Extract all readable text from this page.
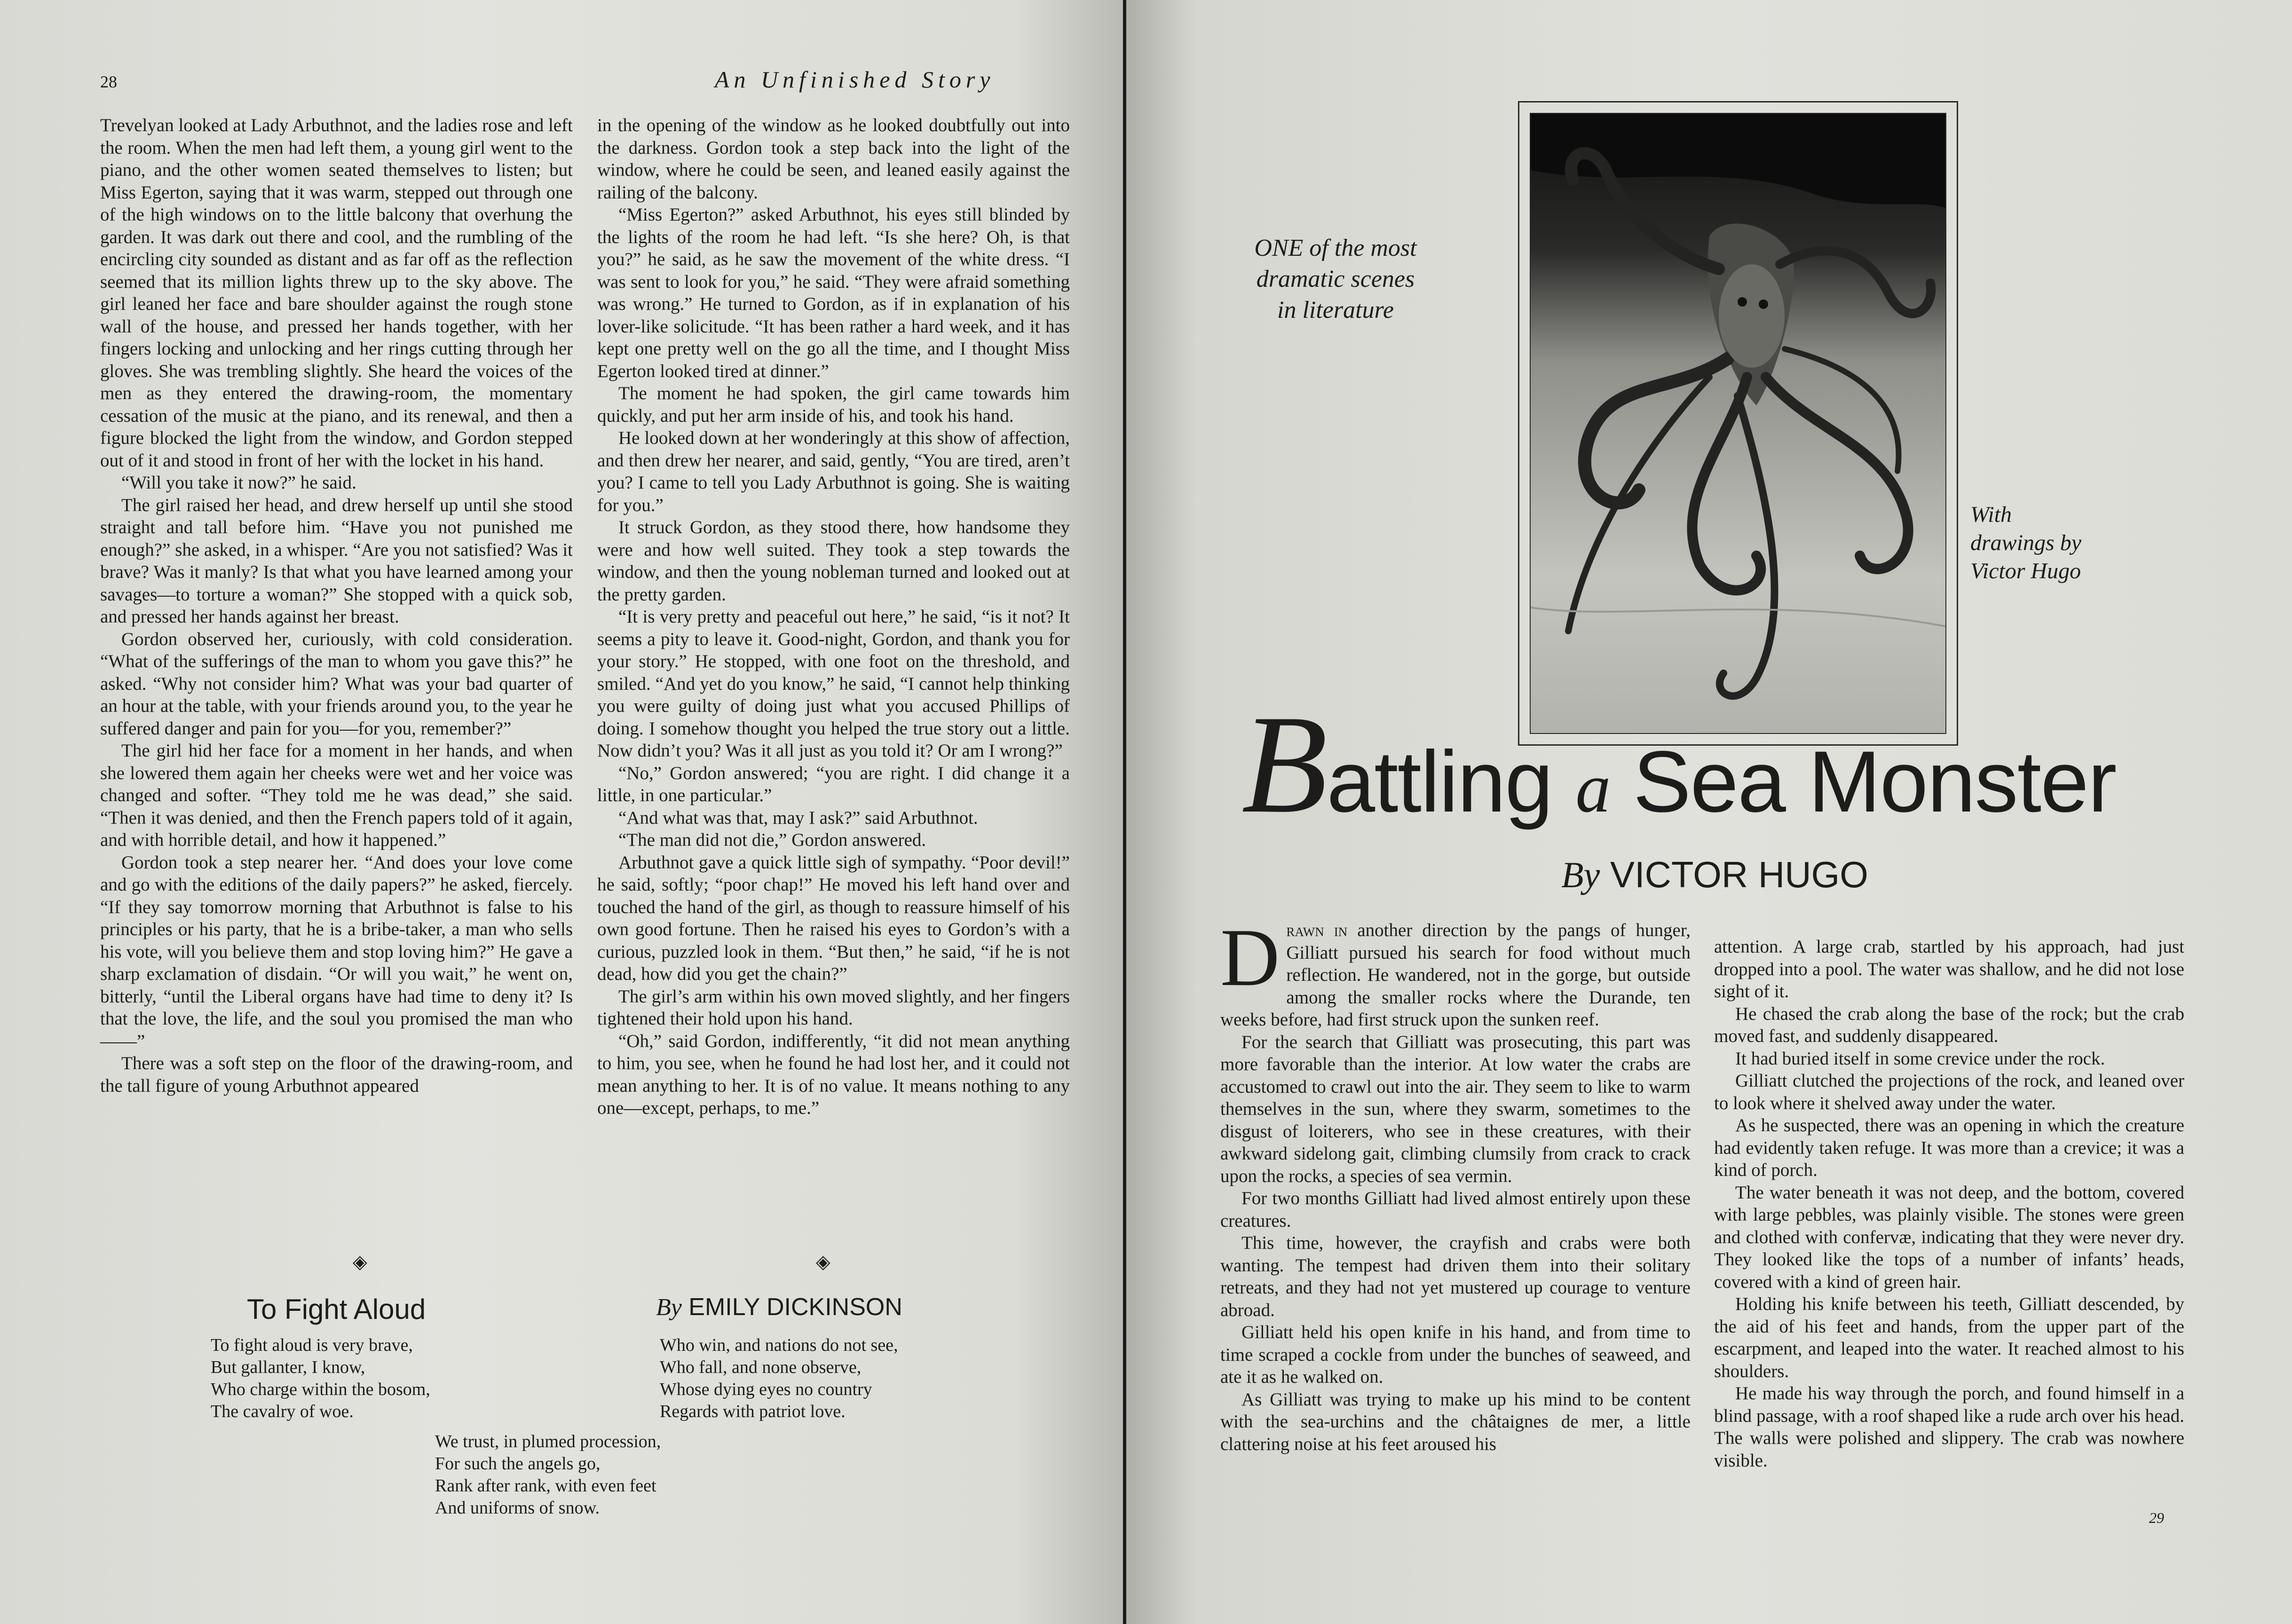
28	An Unfinished Story

Trevelyan looked at Lady Arbuthnot, and the ladies rose and left the room. When the men had left them, a young girl went to the piano, and the other women seated themselves to listen; but Miss Egerton, saying that it was warm, stepped out through one of the high windows on to the little balcony that overhung the garden. It was dark out there and cool, and the rumbling of the encircling city sounded as distant and as far off as the reflection seemed that its million lights threw up to the sky above. The girl leaned her face and bare shoulder against the rough stone wall of the house, and pressed her hands together, with her fingers locking and unlocking and her rings cutting through her gloves. She was trembling slightly. She heard the voices of the men as they entered the drawing-room, the momentary cessation of the music at the piano, and its renewal, and then a figure blocked the light from the window, and Gordon stepped out of it and stood in front of her with the locket in his hand.

“Will you take it now?” he said.

The girl raised her head, and drew herself up until she stood straight and tall before him. “Have you not punished me enough?” she asked, in a whisper. “Are you not satisfied? Was it brave? Was it manly? Is that what you have learned among your savages—to torture a woman?” She stopped with a quick sob, and pressed her hands against her breast.

Gordon observed her, curiously, with cold consideration. “What of the sufferings of the man to whom you gave this?” he asked. “Why not consider him? What was your bad quarter of an hour at the table, with your friends around you, to the year he suffered danger and pain for you—for you, remember?”

The girl hid her face for a moment in her hands, and when she lowered them again her cheeks were wet and her voice was changed and softer. “They told me he was dead,” she said. “Then it was denied, and then the French papers told of it again, and with horrible detail, and how it happened.”

Gordon took a step nearer her. “And does your love come and go with the editions of the daily papers?” he asked, fiercely. “If they say tomorrow morning that Arbuthnot is false to his principles or his party, that he is a bribe-taker, a man who sells his vote, will you believe them and stop loving him?” He gave a sharp exclamation of disdain. “Or will you wait,” he went on, bitterly, “until the Liberal organs have had time to deny it? Is that the love, the life, and the soul you promised the man who——”

There was a soft step on the floor of the drawing-room, and the tall figure of young Arbuthnot appeared

in the opening of the window as he looked doubtfully out into the darkness. Gordon took a step back into the light of the window, where he could be seen, and leaned easily against the railing of the balcony.

“Miss Egerton?” asked Arbuthnot, his eyes still blinded by the lights of the room he had left. “Is she here? Oh, is that you?” he said, as he saw the movement of the white dress. “I was sent to look for you,” he said. “They were afraid something was wrong.” He turned to Gordon, as if in explanation of his lover-like solicitude. “It has been rather a hard week, and it has kept one pretty well on the go all the time, and I thought Miss Egerton looked tired at dinner.”

The moment he had spoken, the girl came towards him quickly, and put her arm inside of his, and took his hand.

He looked down at her wonderingly at this show of affection, and then drew her nearer, and said, gently, “You are tired, aren’t you? I came to tell you Lady Arbuthnot is going. She is waiting for you.”

It struck Gordon, as they stood there, how handsome they were and how well suited. They took a step towards the window, and then the young nobleman turned and looked out at the pretty garden.

“It is very pretty and peaceful out here,” he said, “is it not? It seems a pity to leave it. Good-night, Gordon, and thank you for your story.” He stopped, with one foot on the threshold, and smiled. “And yet do you know,” he said, “I cannot help thinking you were guilty of doing just what you accused Phillips of doing. I somehow thought you helped the true story out a little. Now didn’t you? Was it all just as you told it? Or am I wrong?”

“No,” Gordon answered; “you are right. I did change it a little, in one particular.”

“And what was that, may I ask?” said Arbuthnot.

“The man did not die,” Gordon answered.

Arbuthnot gave a quick little sigh of sympathy. “Poor devil!” he said, softly; “poor chap!” He moved his left hand over and touched the hand of the girl, as though to reassure himself of his own good fortune. Then he raised his eyes to Gordon’s with a curious, puzzled look in them. “But then,” he said, “if he is not dead, how did you get the chain?”

The girl’s arm within his own moved slightly, and her fingers tightened their hold upon his hand.

“Oh,” said Gordon, indifferently, “it did not mean anything to him, you see, when he found he had lost her, and it could not mean anything to her. It is of no value. It means nothing to any one—except, perhaps, to me.”

◈	◈
To Fight Aloud	By EMILY DICKINSON
To fight aloud is very brave,
But gallanter, I know,
Who charge within the bosom,
The cavalry of woe.
Who win, and nations do not see,
Who fall, and none observe,
Whose dying eyes no country
Regards with patriot love.
We trust, in plumed procession,
For such the angels go,
Rank after rank, with even feet
And uniforms of snow.
ONE of the most
dramatic scenes
in literature
With
drawings by
Victor Hugo
Battling a Sea Monster
By VICTOR HUGO

Drawn in another direction by the pangs of hunger, Gilliatt pursued his search for food without much reflection. He wandered, not in the gorge, but outside among the smaller rocks where the Durande, ten weeks before, had first struck upon the sunken reef.

For the search that Gilliatt was prosecuting, this part was more favorable than the interior. At low water the crabs are accustomed to crawl out into the air. They seem to like to warm themselves in the sun, where they swarm, sometimes to the disgust of loiterers, who see in these creatures, with their awkward sidelong gait, climbing clumsily from crack to crack upon the rocks, a species of sea vermin.

For two months Gilliatt had lived almost entirely upon these creatures.

This time, however, the crayfish and crabs were both wanting. The tempest had driven them into their solitary retreats, and they had not yet mustered up courage to venture abroad.

Gilliatt held his open knife in his hand, and from time to time scraped a cockle from under the bunches of seaweed, and ate it as he walked on.

As Gilliatt was trying to make up his mind to be content with the sea-urchins and the châtaignes de mer, a little clattering noise at his feet aroused his

attention. A large crab, startled by his approach, had just dropped into a pool. The water was shallow, and he did not lose sight of it.

He chased the crab along the base of the rock; but the crab moved fast, and suddenly disappeared.

It had buried itself in some crevice under the rock.

Gilliatt clutched the projections of the rock, and leaned over to look where it shelved away under the water.

As he suspected, there was an opening in which the creature had evidently taken refuge. It was more than a crevice; it was a kind of porch.

The water beneath it was not deep, and the bottom, covered with large pebbles, was plainly visible. The stones were green and clothed with confervæ, indicating that they were never dry. They looked like the tops of a number of infants’ heads, covered with a kind of green hair.

Holding his knife between his teeth, Gilliatt descended, by the aid of his feet and hands, from the upper part of the escarpment, and leaped into the water. It reached almost to his shoulders.

He made his way through the porch, and found himself in a blind passage, with a roof shaped like a rude arch over his head. The walls were polished and slippery. The crab was nowhere visible.

29
